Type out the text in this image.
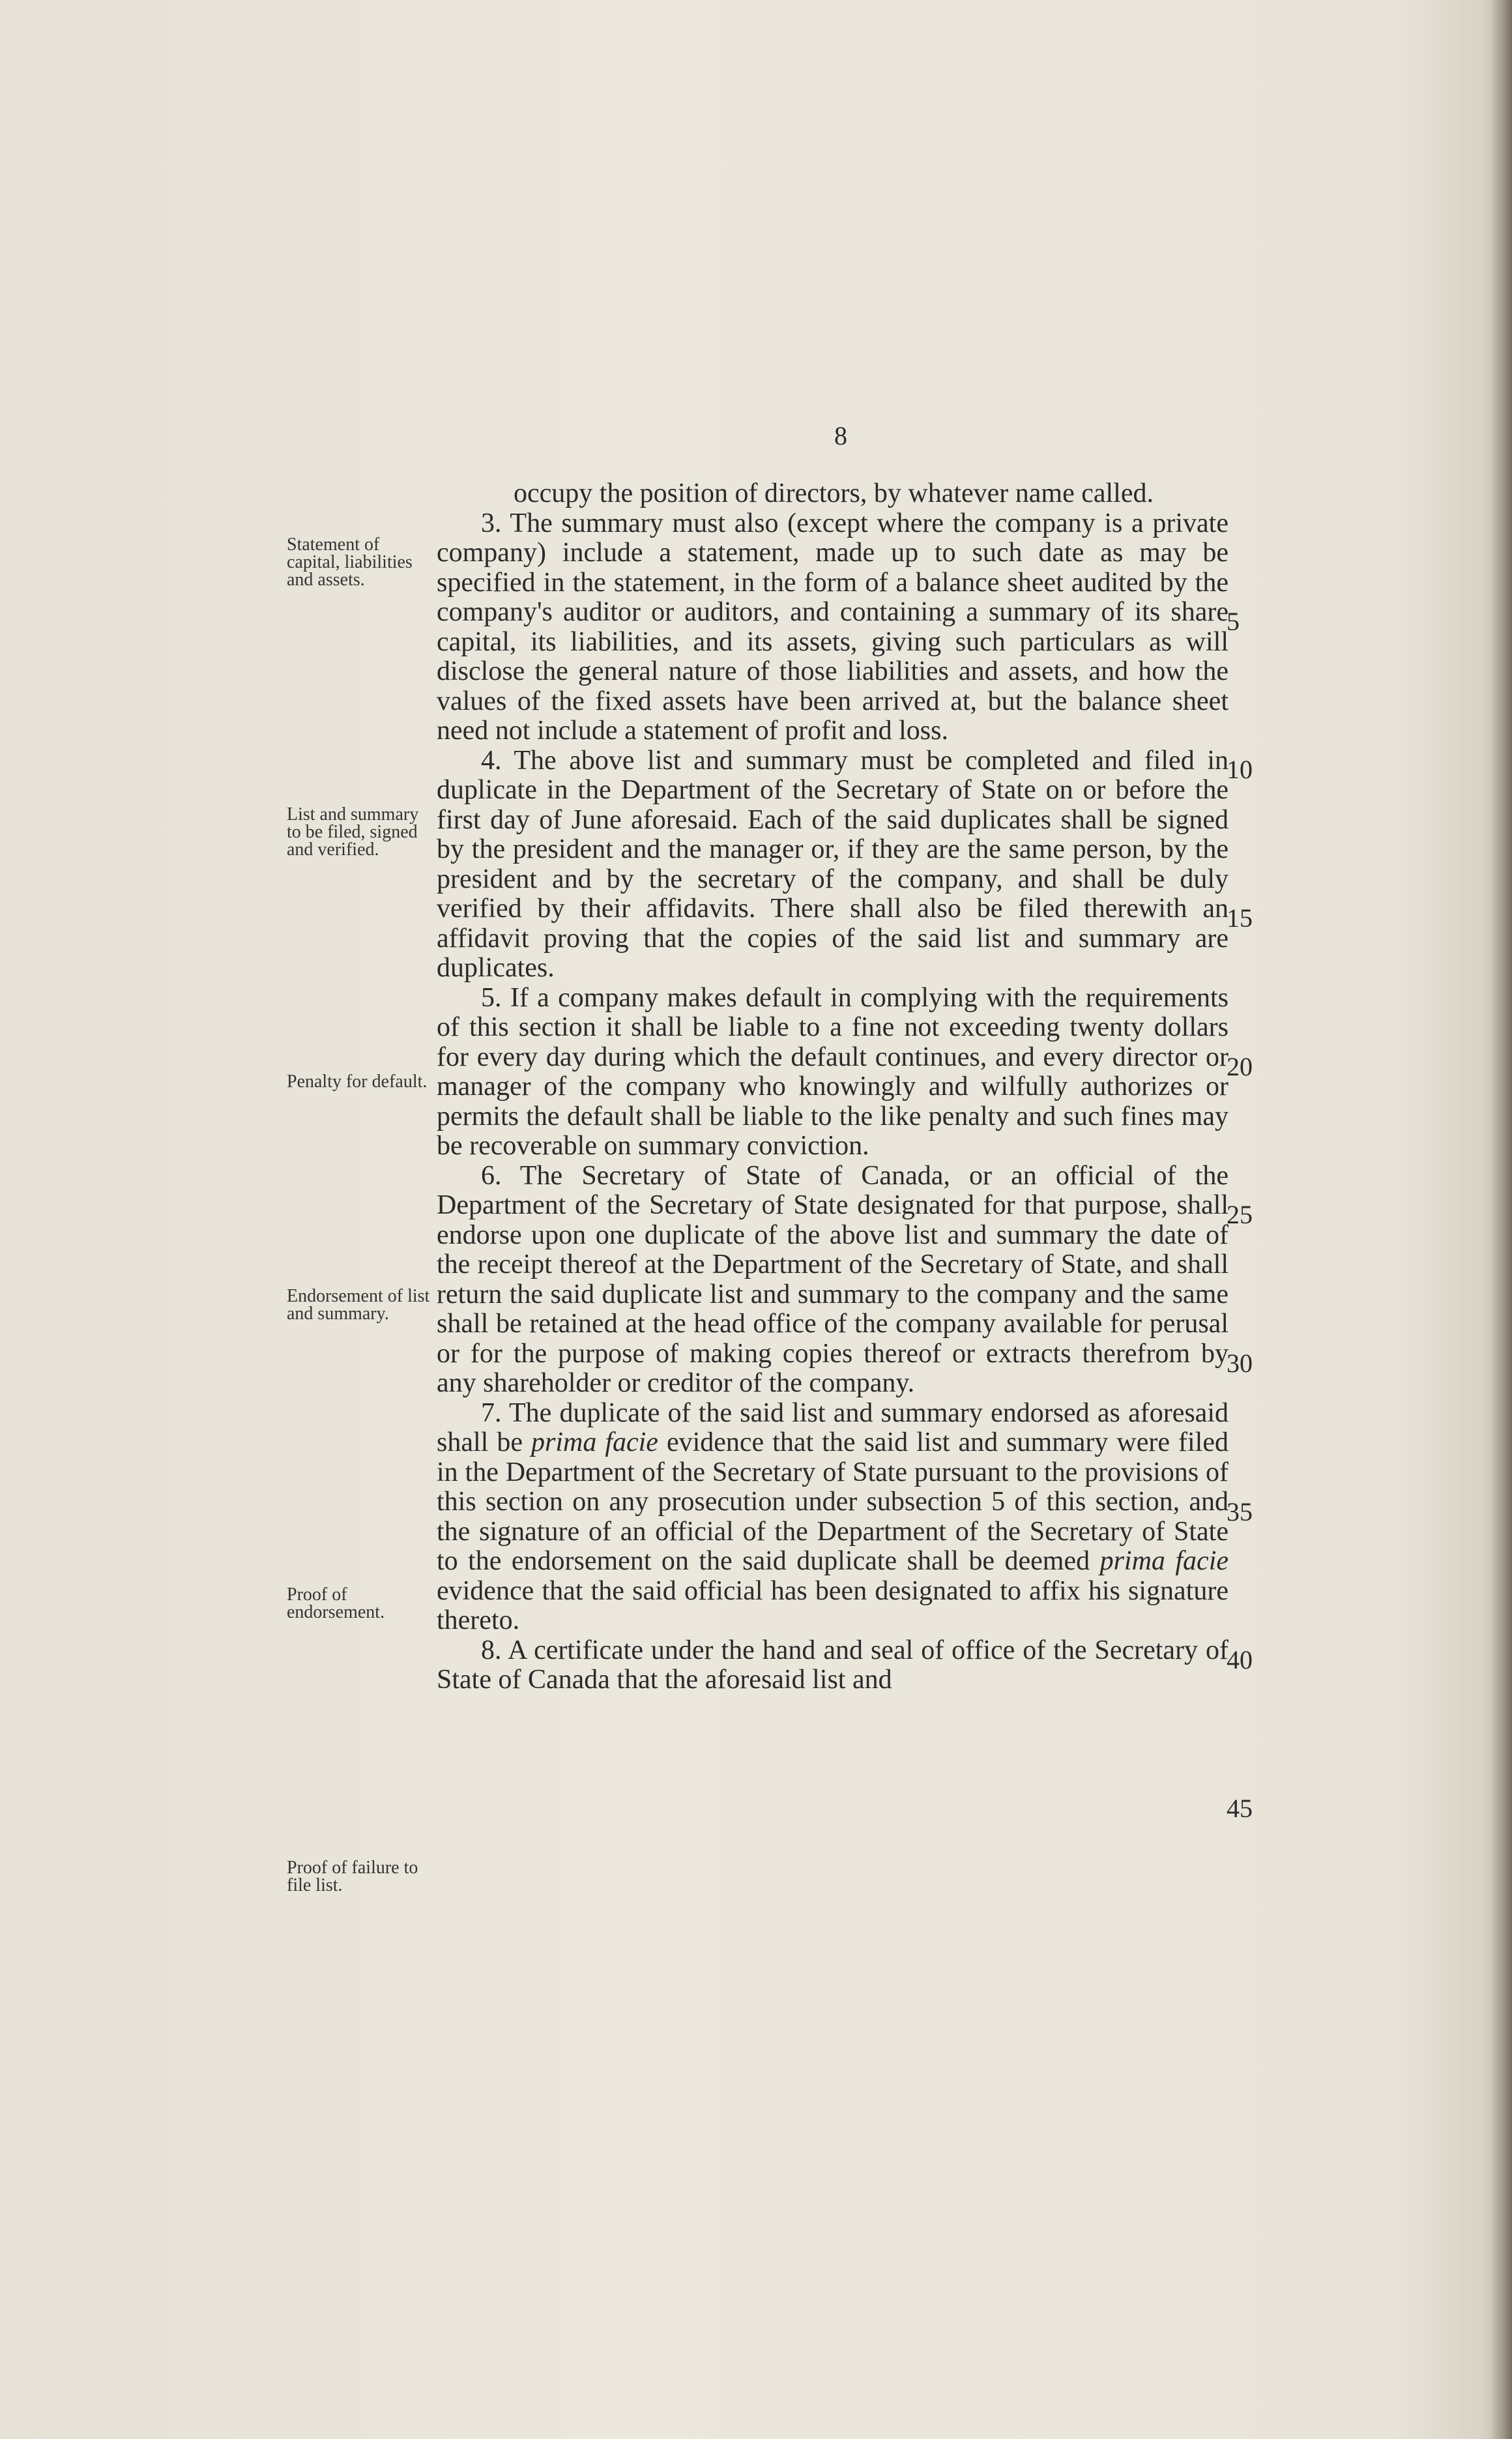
8
Statement of capital, liabilities and assets.
List and summary to be filed, signed and verified.
Penalty for default.
Endorsement of list and summary.
Proof of endorsement.
Proof of failure to file list.

occupy the position of directors, by whatever name called.

3. The summary must also (except where the company is a private company) include a statement, made up to such date as may be specified in the statement, in the form of a balance sheet audited by the company's auditor or auditors, and containing a summary of its share capital, its liabilities, and its assets, giving such particulars as will disclose the general nature of those liabilities and assets, and how the values of the fixed assets have been arrived at, but the balance sheet need not include a statement of profit and loss.

4. The above list and summary must be completed and filed in duplicate in the Department of the Secretary of State on or before the first day of June aforesaid. Each of the said duplicates shall be signed by the president and the manager or, if they are the same person, by the president and by the secretary of the company, and shall be duly verified by their affidavits. There shall also be filed therewith an affidavit proving that the copies of the said list and summary are duplicates.

5. If a company makes default in complying with the requirements of this section it shall be liable to a fine not exceeding twenty dollars for every day during which the default continues, and every director or manager of the company who knowingly and wilfully authorizes or permits the default shall be liable to the like penalty and such fines may be recoverable on summary conviction.

6. The Secretary of State of Canada, or an official of the Department of the Secretary of State designated for that purpose, shall endorse upon one duplicate of the above list and summary the date of the receipt thereof at the Department of the Secretary of State, and shall return the said duplicate list and summary to the company and the same shall be retained at the head office of the company available for perusal or for the purpose of making copies thereof or extracts therefrom by any shareholder or creditor of the company.

7. The duplicate of the said list and summary endorsed as aforesaid shall be prima facie evidence that the said list and summary were filed in the Department of the Secretary of State pursuant to the provisions of this section on any prosecution under subsection 5 of this section, and the signature of an official of the Department of the Secretary of State to the endorsement on the said duplicate shall be deemed prima facie evidence that the said official has been designated to affix his signature thereto.

8. A certificate under the hand and seal of office of the Secretary of State of Canada that the aforesaid list and

5
10
15
20
25
30
35
40
45
